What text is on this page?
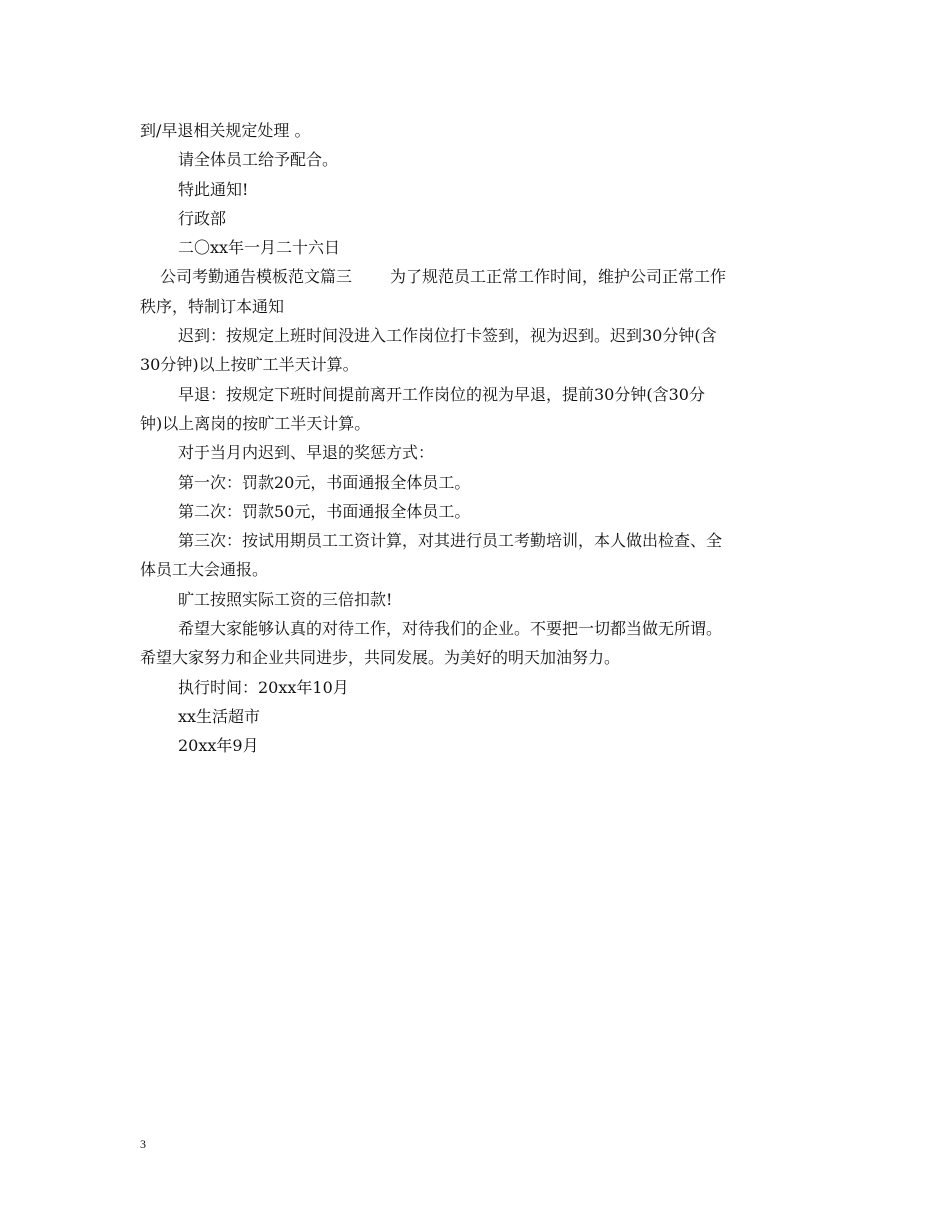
到/早退相关规定处理 。
请全体员工给予配合。
特此通知!
行政部
二〇xx年一月二十六日
公司考勤通告模板范文篇三 为了规范员工正常工作时间，维护公司正常工作
秩序，特制订本通知
迟到：按规定上班时间没进入工作岗位打卡签到，视为迟到。迟到30分钟(含
30分钟)以上按旷工半天计算。
早退：按规定下班时间提前离开工作岗位的视为早退，提前30分钟(含30分
钟)以上离岗的按旷工半天计算。
对于当月内迟到、早退的奖惩方式：
第一次：罚款20元，书面通报全体员工。
第二次：罚款50元，书面通报全体员工。
第三次：按试用期员工工资计算，对其进行员工考勤培训，本人做出检查、全
体员工大会通报。
旷工按照实际工资的三倍扣款!
希望大家能够认真的对待工作，对待我们的企业。不要把一切都当做无所谓。
希望大家努力和企业共同进步，共同发展。为美好的明天加油努力。
执行时间：20xx年10月
xx生活超市
20xx年9月
3
